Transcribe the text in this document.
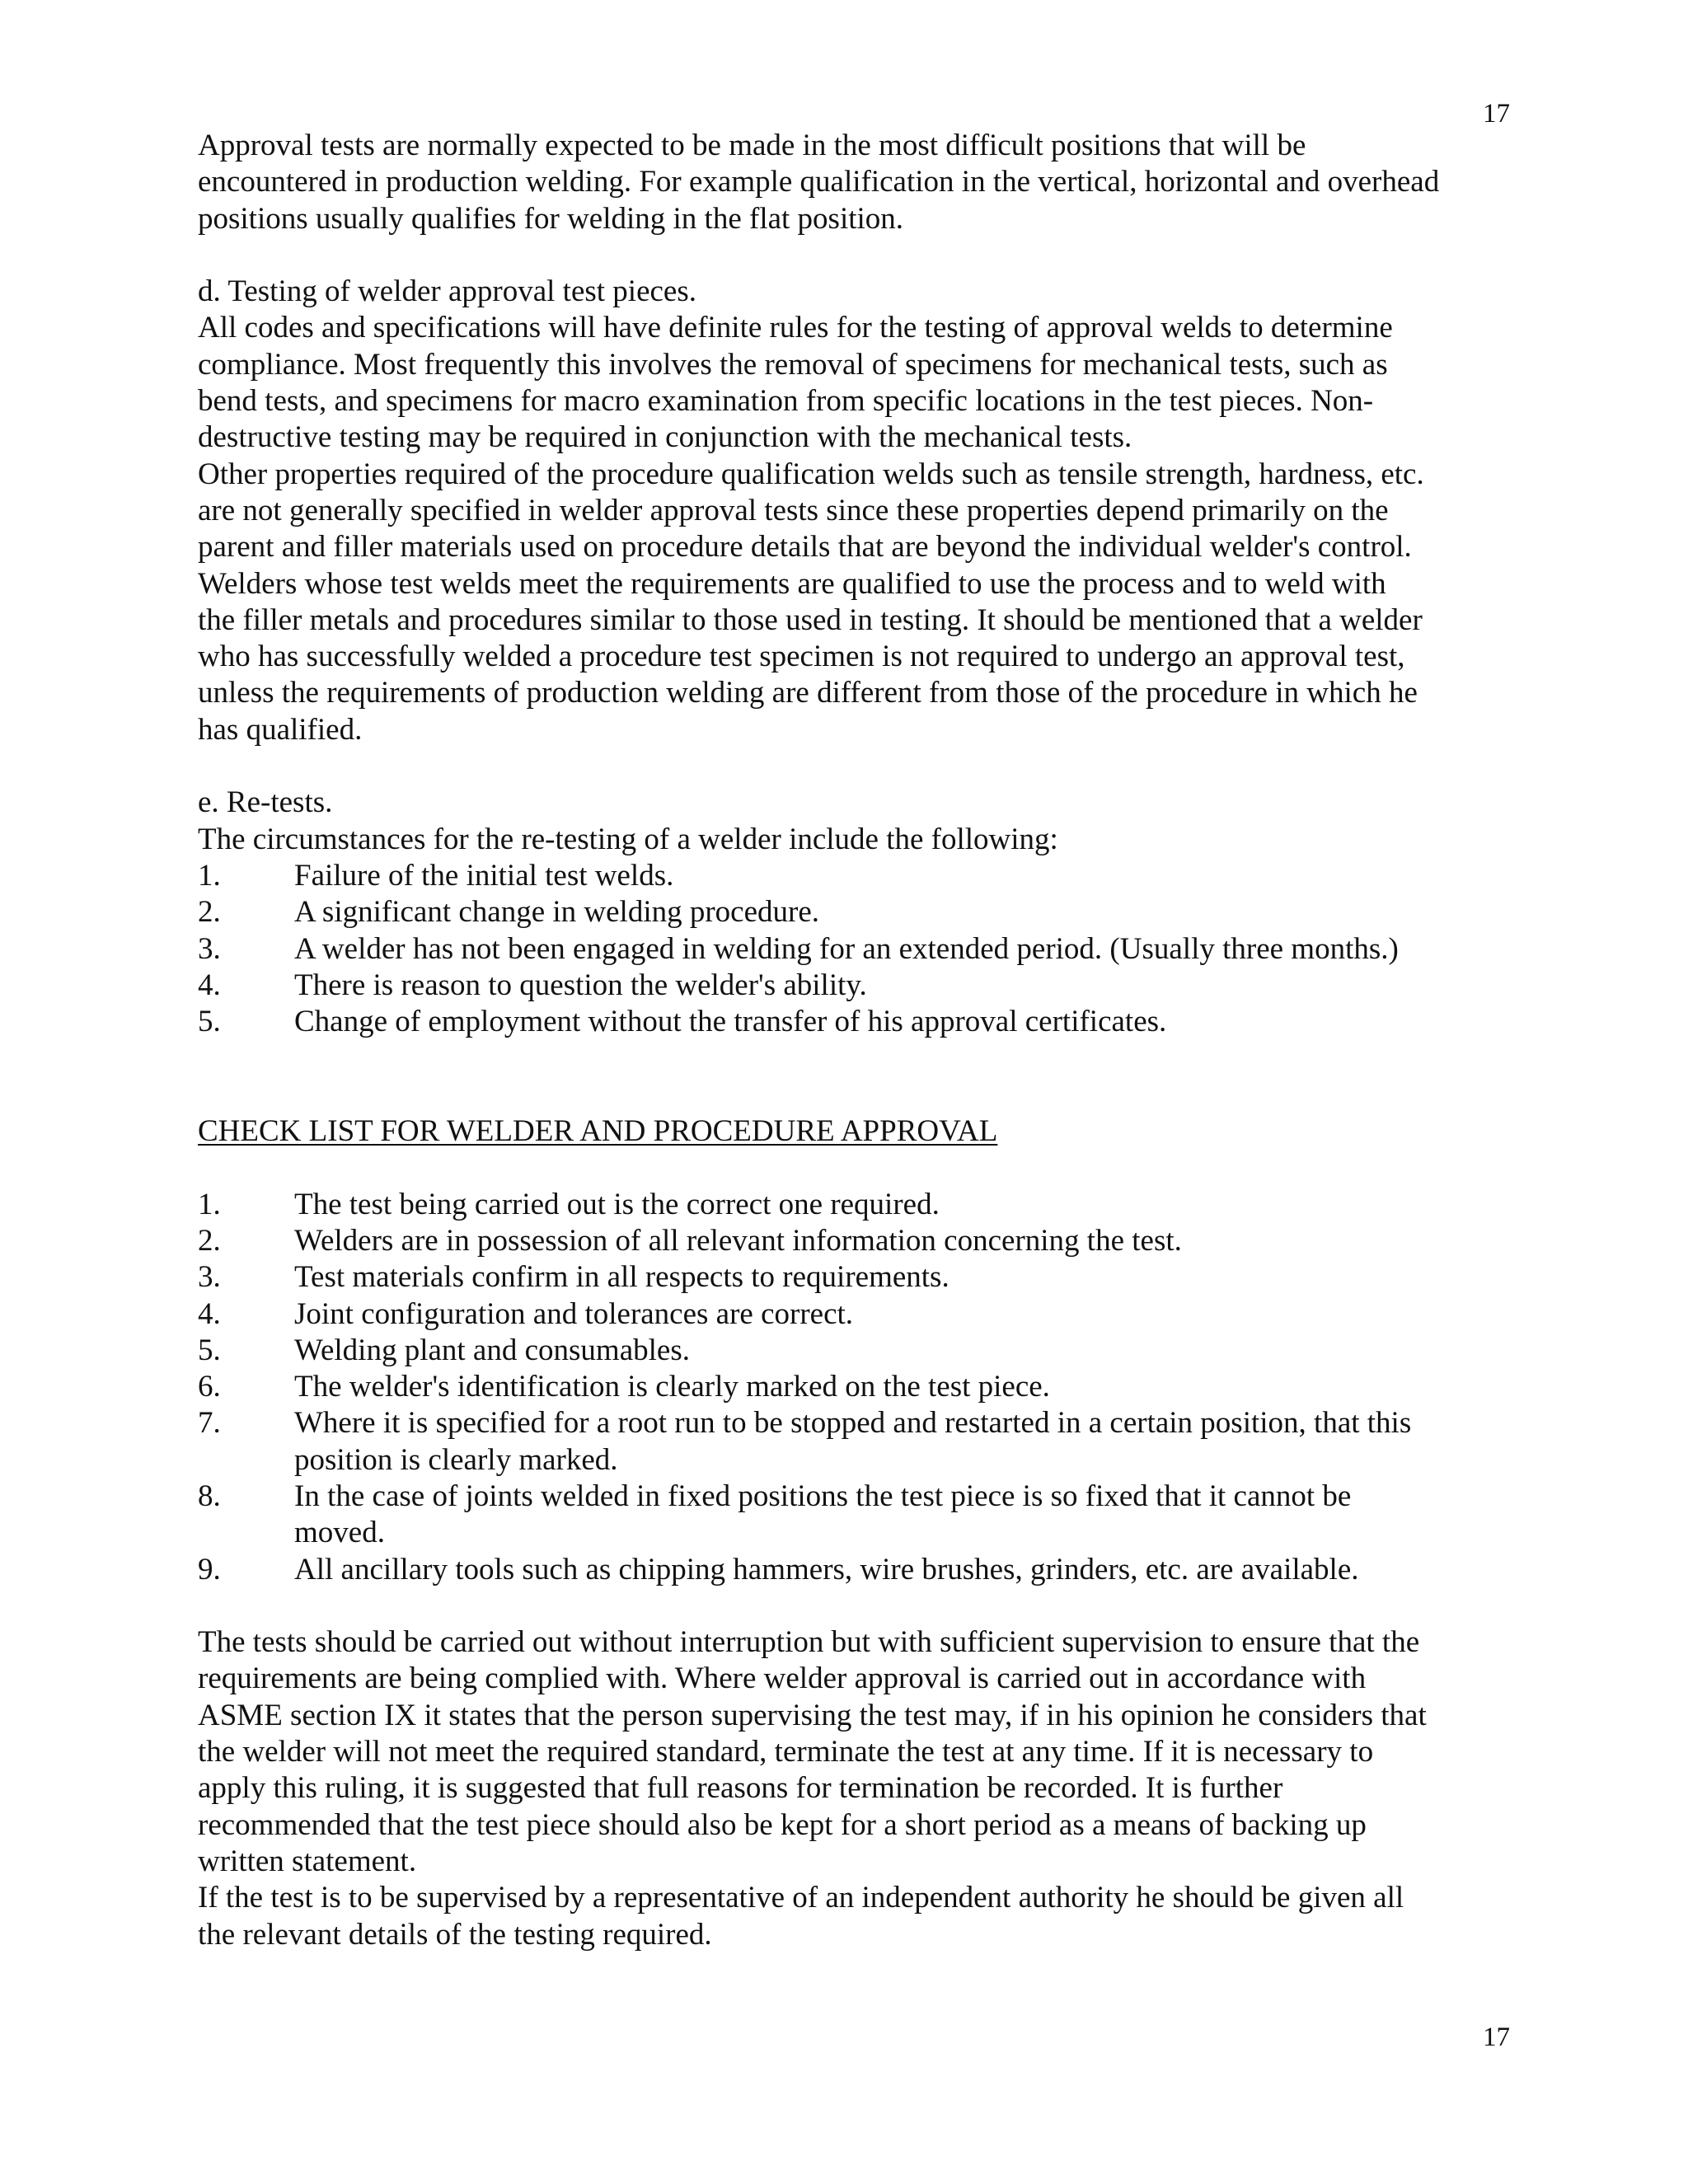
17

Approval tests are normally expected to be made in the most difficult positions that will be
encountered in production welding. For example qualification in the vertical, horizontal and overhead
positions usually qualifies for welding in the flat position.

d. Testing of welder approval test pieces.

All codes and specifications will have definite rules for the testing of approval welds to determine
compliance. Most frequently this involves the removal of specimens for mechanical tests, such as
bend tests, and specimens for macro examination from specific locations in the test pieces. Non-
destructive testing may be required in conjunction with the mechanical tests.

Other properties required of the procedure qualification welds such as tensile strength, hardness, etc.
are not generally specified in welder approval tests since these properties depend primarily on the
parent and filler materials used on procedure details that are beyond the individual welder's control.
Welders whose test welds meet the requirements are qualified to use the process and to weld with
the filler metals and procedures similar to those used in testing. It should be mentioned that a welder
who has successfully welded a procedure test specimen is not required to undergo an approval test,
unless the requirements of production welding are different from those of the procedure in which he
has qualified.

e. Re-tests.

The circumstances for the re-testing of a welder include the following:

1.	Failure of the initial test welds.
2.	A significant change in welding procedure.
3.	A welder has not been engaged in welding for an extended period. (Usually three months.)
4.	There is reason to question the welder's ability.
5.	Change of employment without the transfer of his approval certificates.

CHECK LIST FOR WELDER AND PROCEDURE APPROVAL

1.	The test being carried out is the correct one required.
2.	Welders are in possession of all relevant information concerning the test.
3.	Test materials confirm in all respects to requirements.
4.	Joint configuration and tolerances are correct.
5.	Welding plant and consumables.
6.	The welder's identification is clearly marked on the test piece.
7.	Where it is specified for a root run to be stopped and restarted in a certain position, that this
position is clearly marked.
8.	In the case of joints welded in fixed positions the test piece is so fixed that it cannot be
moved.
9.	All ancillary tools such as chipping hammers, wire brushes, grinders, etc. are available.

The tests should be carried out without interruption but with sufficient supervision to ensure that the
requirements are being complied with. Where welder approval is carried out in accordance with
ASME section IX it states that the person supervising the test may, if in his opinion he considers that
the welder will not meet the required standard, terminate the test at any time. If it is necessary to
apply this ruling, it is suggested that full reasons for termination be recorded. It is further
recommended that the test piece should also be kept for a short period as a means of backing up
written statement.

If the test is to be supervised by a representative of an independent authority he should be given all
the relevant details of the testing required.

17
